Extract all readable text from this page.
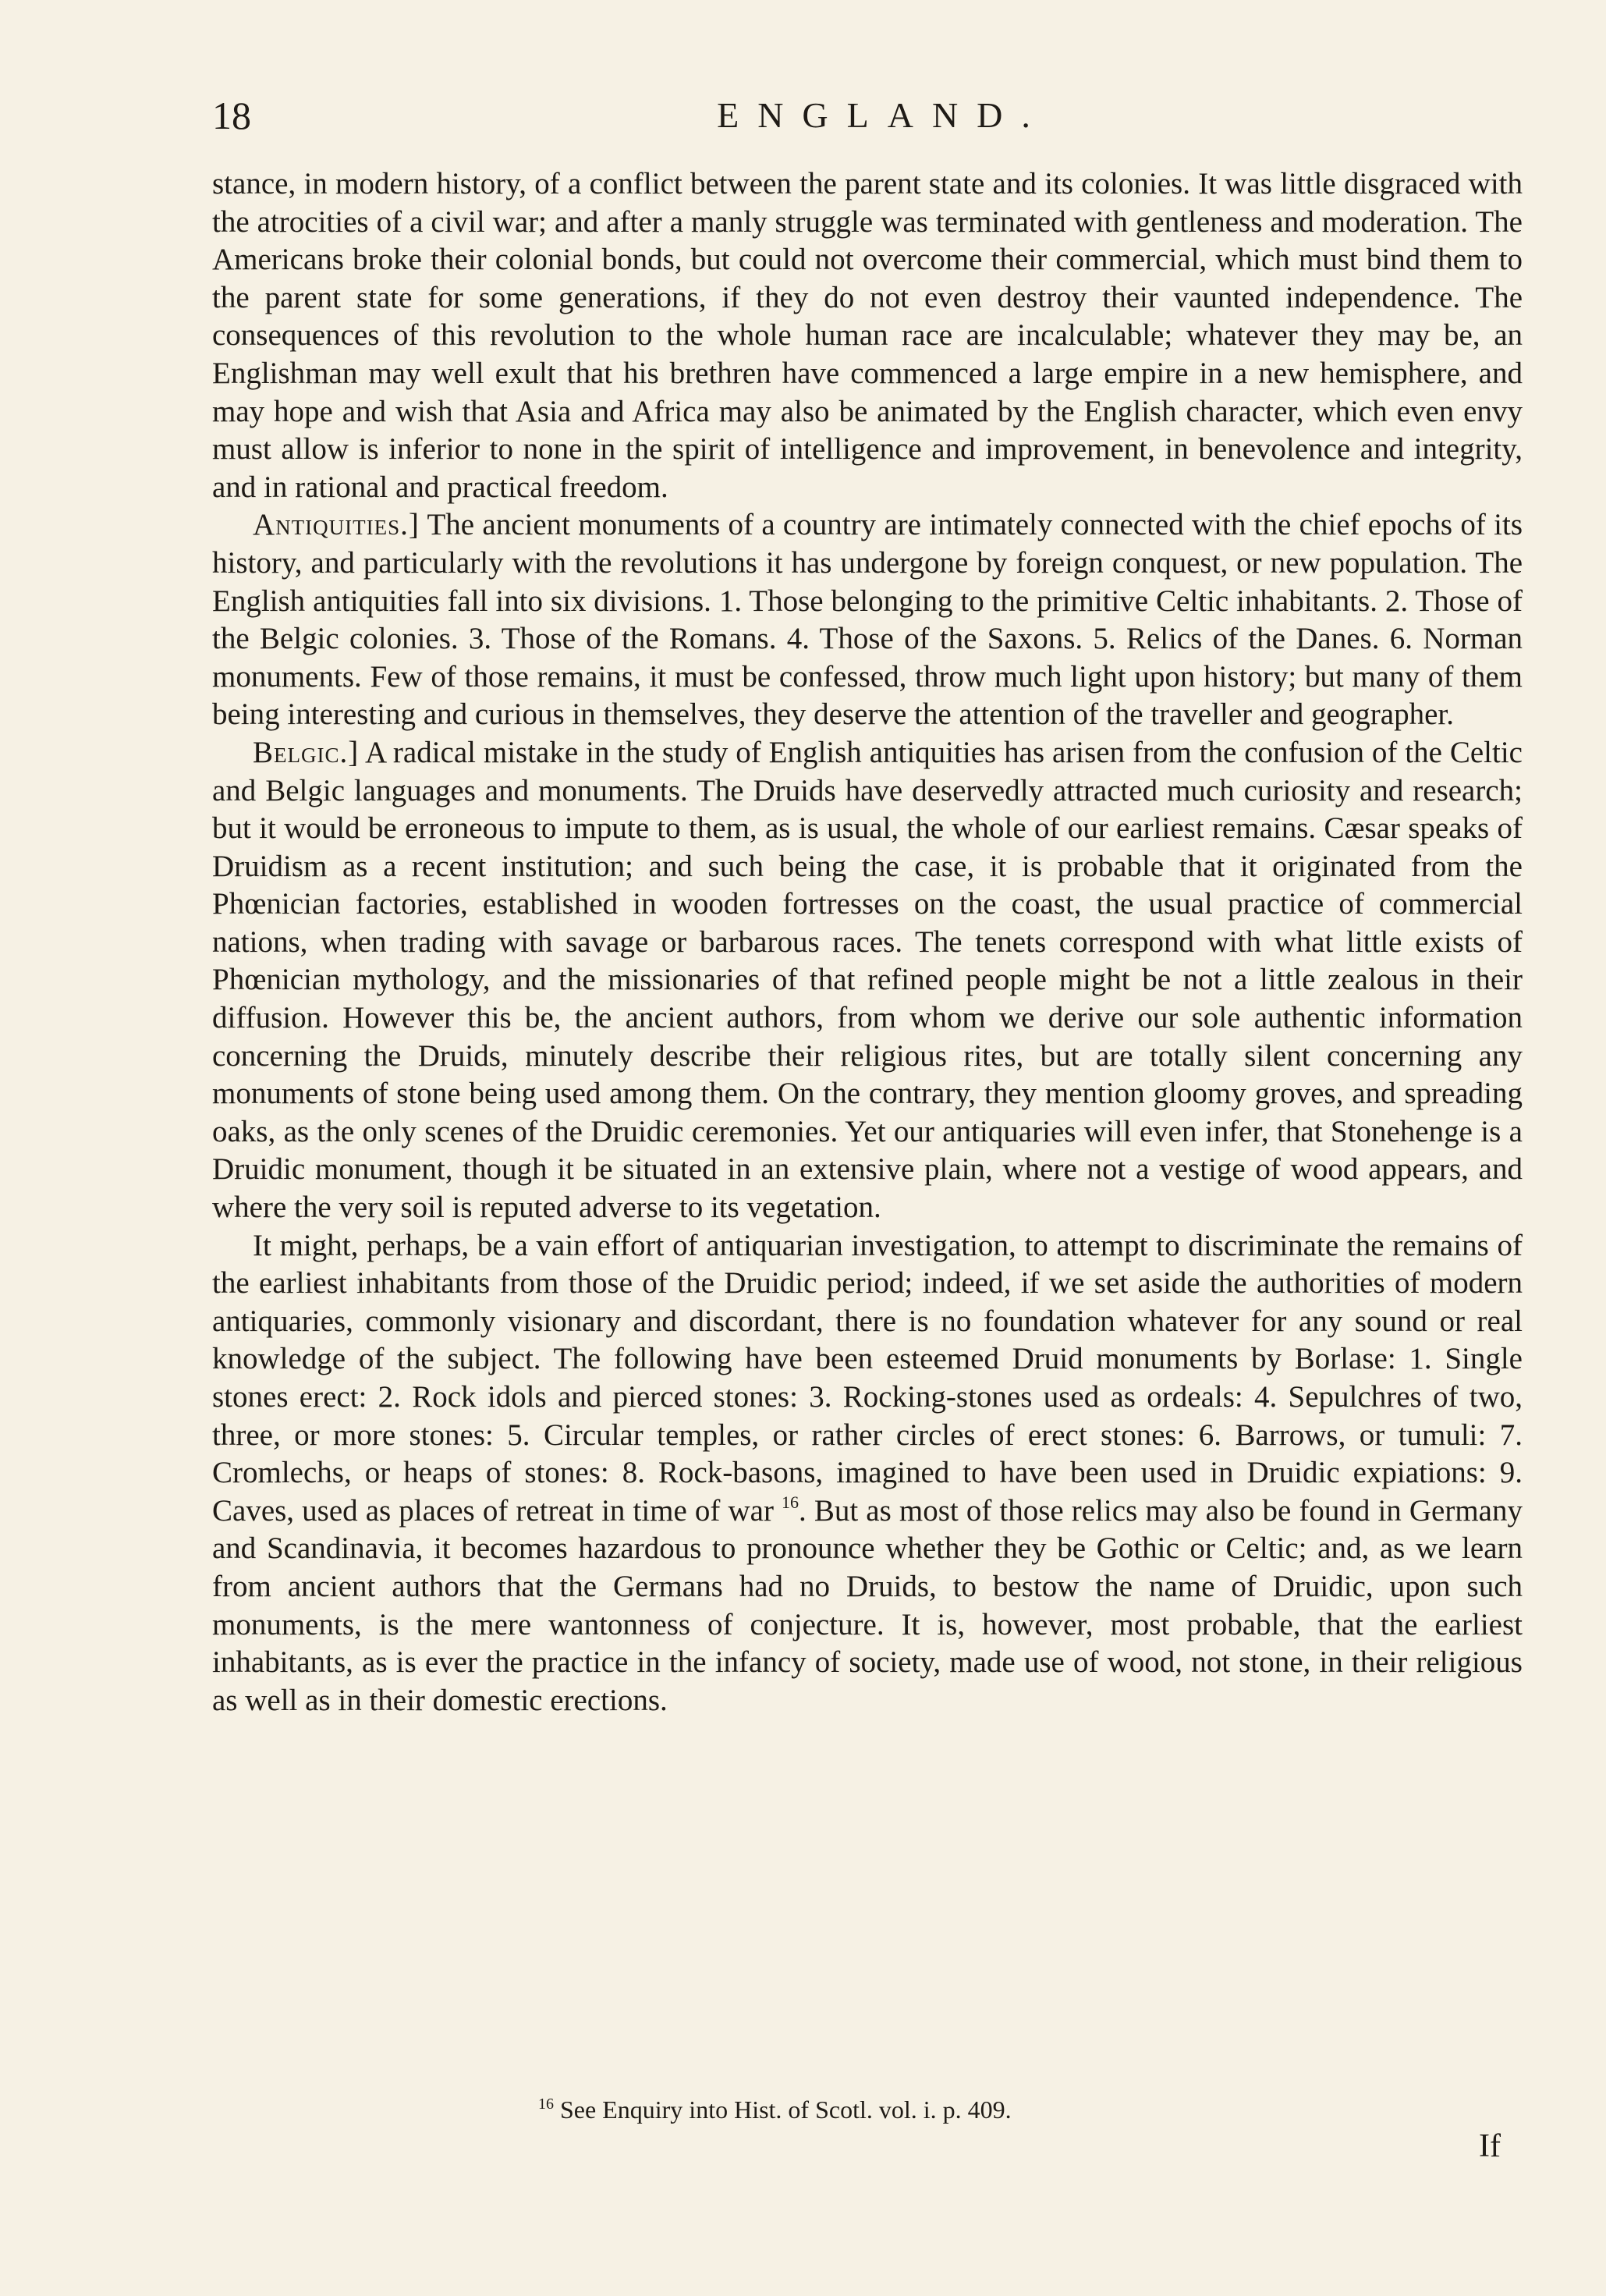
18	ENGLAND.

stance, in modern history, of a conflict between the parent state and its colonies. It was little disgraced with the atrocities of a civil war; and after a manly struggle was terminated with gentleness and moderation. The Americans broke their colonial bonds, but could not overcome their commercial, which must bind them to the parent state for some generations, if they do not even destroy their vaunted independence. The consequences of this revolution to the whole human race are incalculable; whatever they may be, an Englishman may well exult that his brethren have commenced a large empire in a new hemisphere, and may hope and wish that Asia and Africa may also be animated by the English character, which even envy must allow is inferior to none in the spirit of intelligence and improvement, in benevolence and integrity, and in rational and practical freedom.

Antiquities.] The ancient monuments of a country are intimately connected with the chief epochs of its history, and particularly with the revolutions it has undergone by foreign conquest, or new population. The English antiquities fall into six divisions. 1. Those belonging to the primitive Celtic inhabitants. 2. Those of the Belgic colonies. 3. Those of the Romans. 4. Those of the Saxons. 5. Relics of the Danes. 6. Norman monuments. Few of those remains, it must be confessed, throw much light upon history; but many of them being interesting and curious in themselves, they deserve the attention of the traveller and geographer.

Belgic.] A radical mistake in the study of English antiquities has arisen from the confusion of the Celtic and Belgic languages and monuments. The Druids have deservedly attracted much curiosity and research; but it would be erroneous to impute to them, as is usual, the whole of our earliest remains. Cæsar speaks of Druidism as a recent institution; and such being the case, it is probable that it originated from the Phœnician factories, established in wooden fortresses on the coast, the usual practice of commercial nations, when trading with savage or barbarous races. The tenets correspond with what little exists of Phœnician mythology, and the missionaries of that refined people might be not a little zealous in their diffusion. However this be, the ancient authors, from whom we derive our sole authentic information concerning the Druids, minutely describe their religious rites, but are totally silent concerning any monuments of stone being used among them. On the contrary, they mention gloomy groves, and spreading oaks, as the only scenes of the Druidic ceremonies. Yet our antiquaries will even infer, that Stonehenge is a Druidic monument, though it be situated in an extensive plain, where not a vestige of wood appears, and where the very soil is reputed adverse to its vegetation.

It might, perhaps, be a vain effort of antiquarian investigation, to attempt to discriminate the remains of the earliest inhabitants from those of the Druidic period; indeed, if we set aside the authorities of modern antiquaries, commonly visionary and discordant, there is no foundation whatever for any sound or real knowledge of the subject. The following have been esteemed Druid monuments by Borlase: 1. Single stones erect: 2. Rock idols and pierced stones: 3. Rocking-stones used as ordeals: 4. Sepulchres of two, three, or more stones: 5. Circular temples, or rather circles of erect stones: 6. Barrows, or tumuli: 7. Cromlechs, or heaps of stones: 8. Rock-basons, imagined to have been used in Druidic expiations: 9. Caves, used as places of retreat in time of war $^{16}$. But as most of those relics may also be found in Germany and Scandinavia, it becomes hazardous to pronounce whether they be Gothic or Celtic; and, as we learn from ancient authors that the Germans had no Druids, to bestow the name of Druidic, upon such monuments, is the mere wantonness of conjecture. It is, however, most probable, that the earliest inhabitants, as is ever the practice in the infancy of society, made use of wood, not stone, in their religious as well as in their domestic erections.

$^{16}$ See Enquiry into Hist. of Scotl. vol. i. p. 409.
If
